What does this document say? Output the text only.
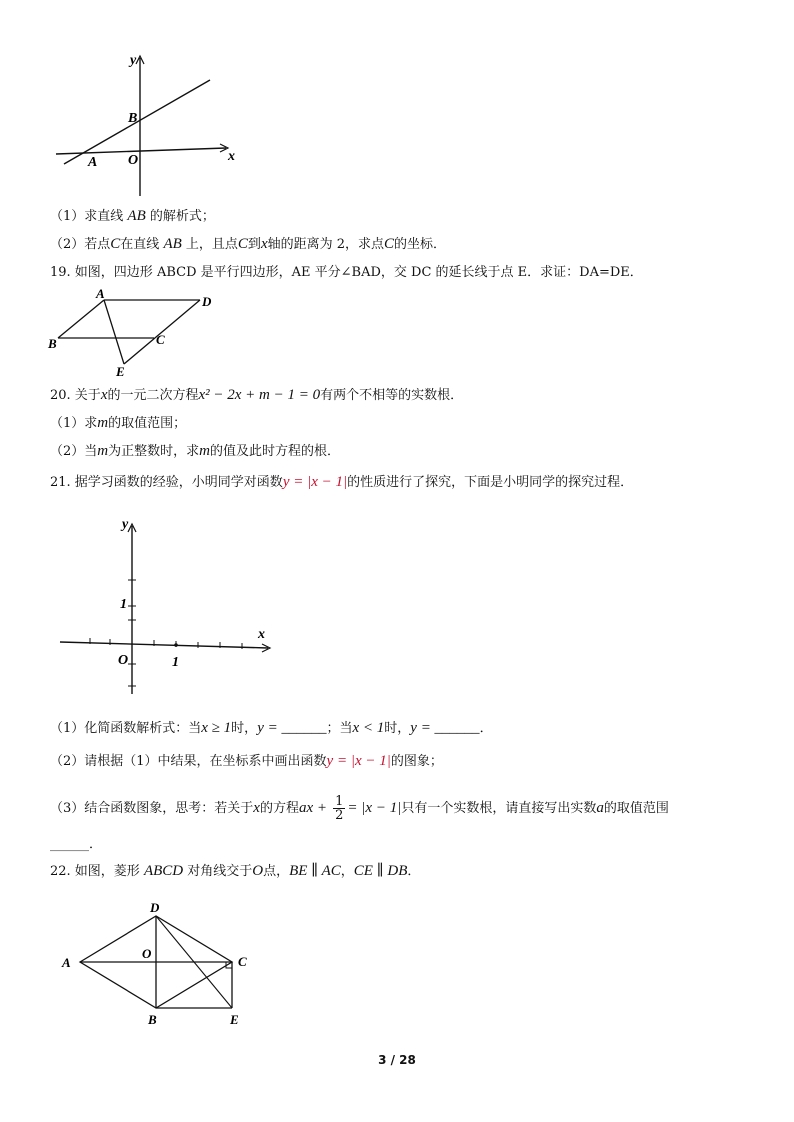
y
x
B
A O
（1）求直线 AB 的解析式；
（2）若点C在直线 AB 上，且点C到x轴的距离为 2，求点C的坐标．
19. 如图，四边形 ABCD 是平行四边形，AE 平分∠BAD，交 DC 的延长线于点 E．求证：DA=DE．
A
D
B	C
E
20. 关于x的一元二次方程x² − 2x + m − 1 = 0有两个不相等的实数根．
（1）求m的取值范围；
（2）当m为正整数时，求m的值及此时方程的根．
21. 据学习函数的经验，小明同学对函数y = |x − 1|的性质进行了探究，下面是小明同学的探究过程．
y
x
1
1
O
（1）化简函数解析式：当x ≥ 1时，y = ______；当x < 1时，y = ______．
（2）请根据（1）中结果，在坐标系中画出函数y = |x − 1|的图象；
（3）结合函数图象，思考：若关于x的方程ax + $\frac{1}{2} = |x - 1|$只有一个实数根，请直接写出实数a的取值范围
______．
22. 如图，菱形 ABCD 对角线交于O点，BE ∥ AC，CE ∥ DB．
A
D
C
O
B	E
3 / 28
